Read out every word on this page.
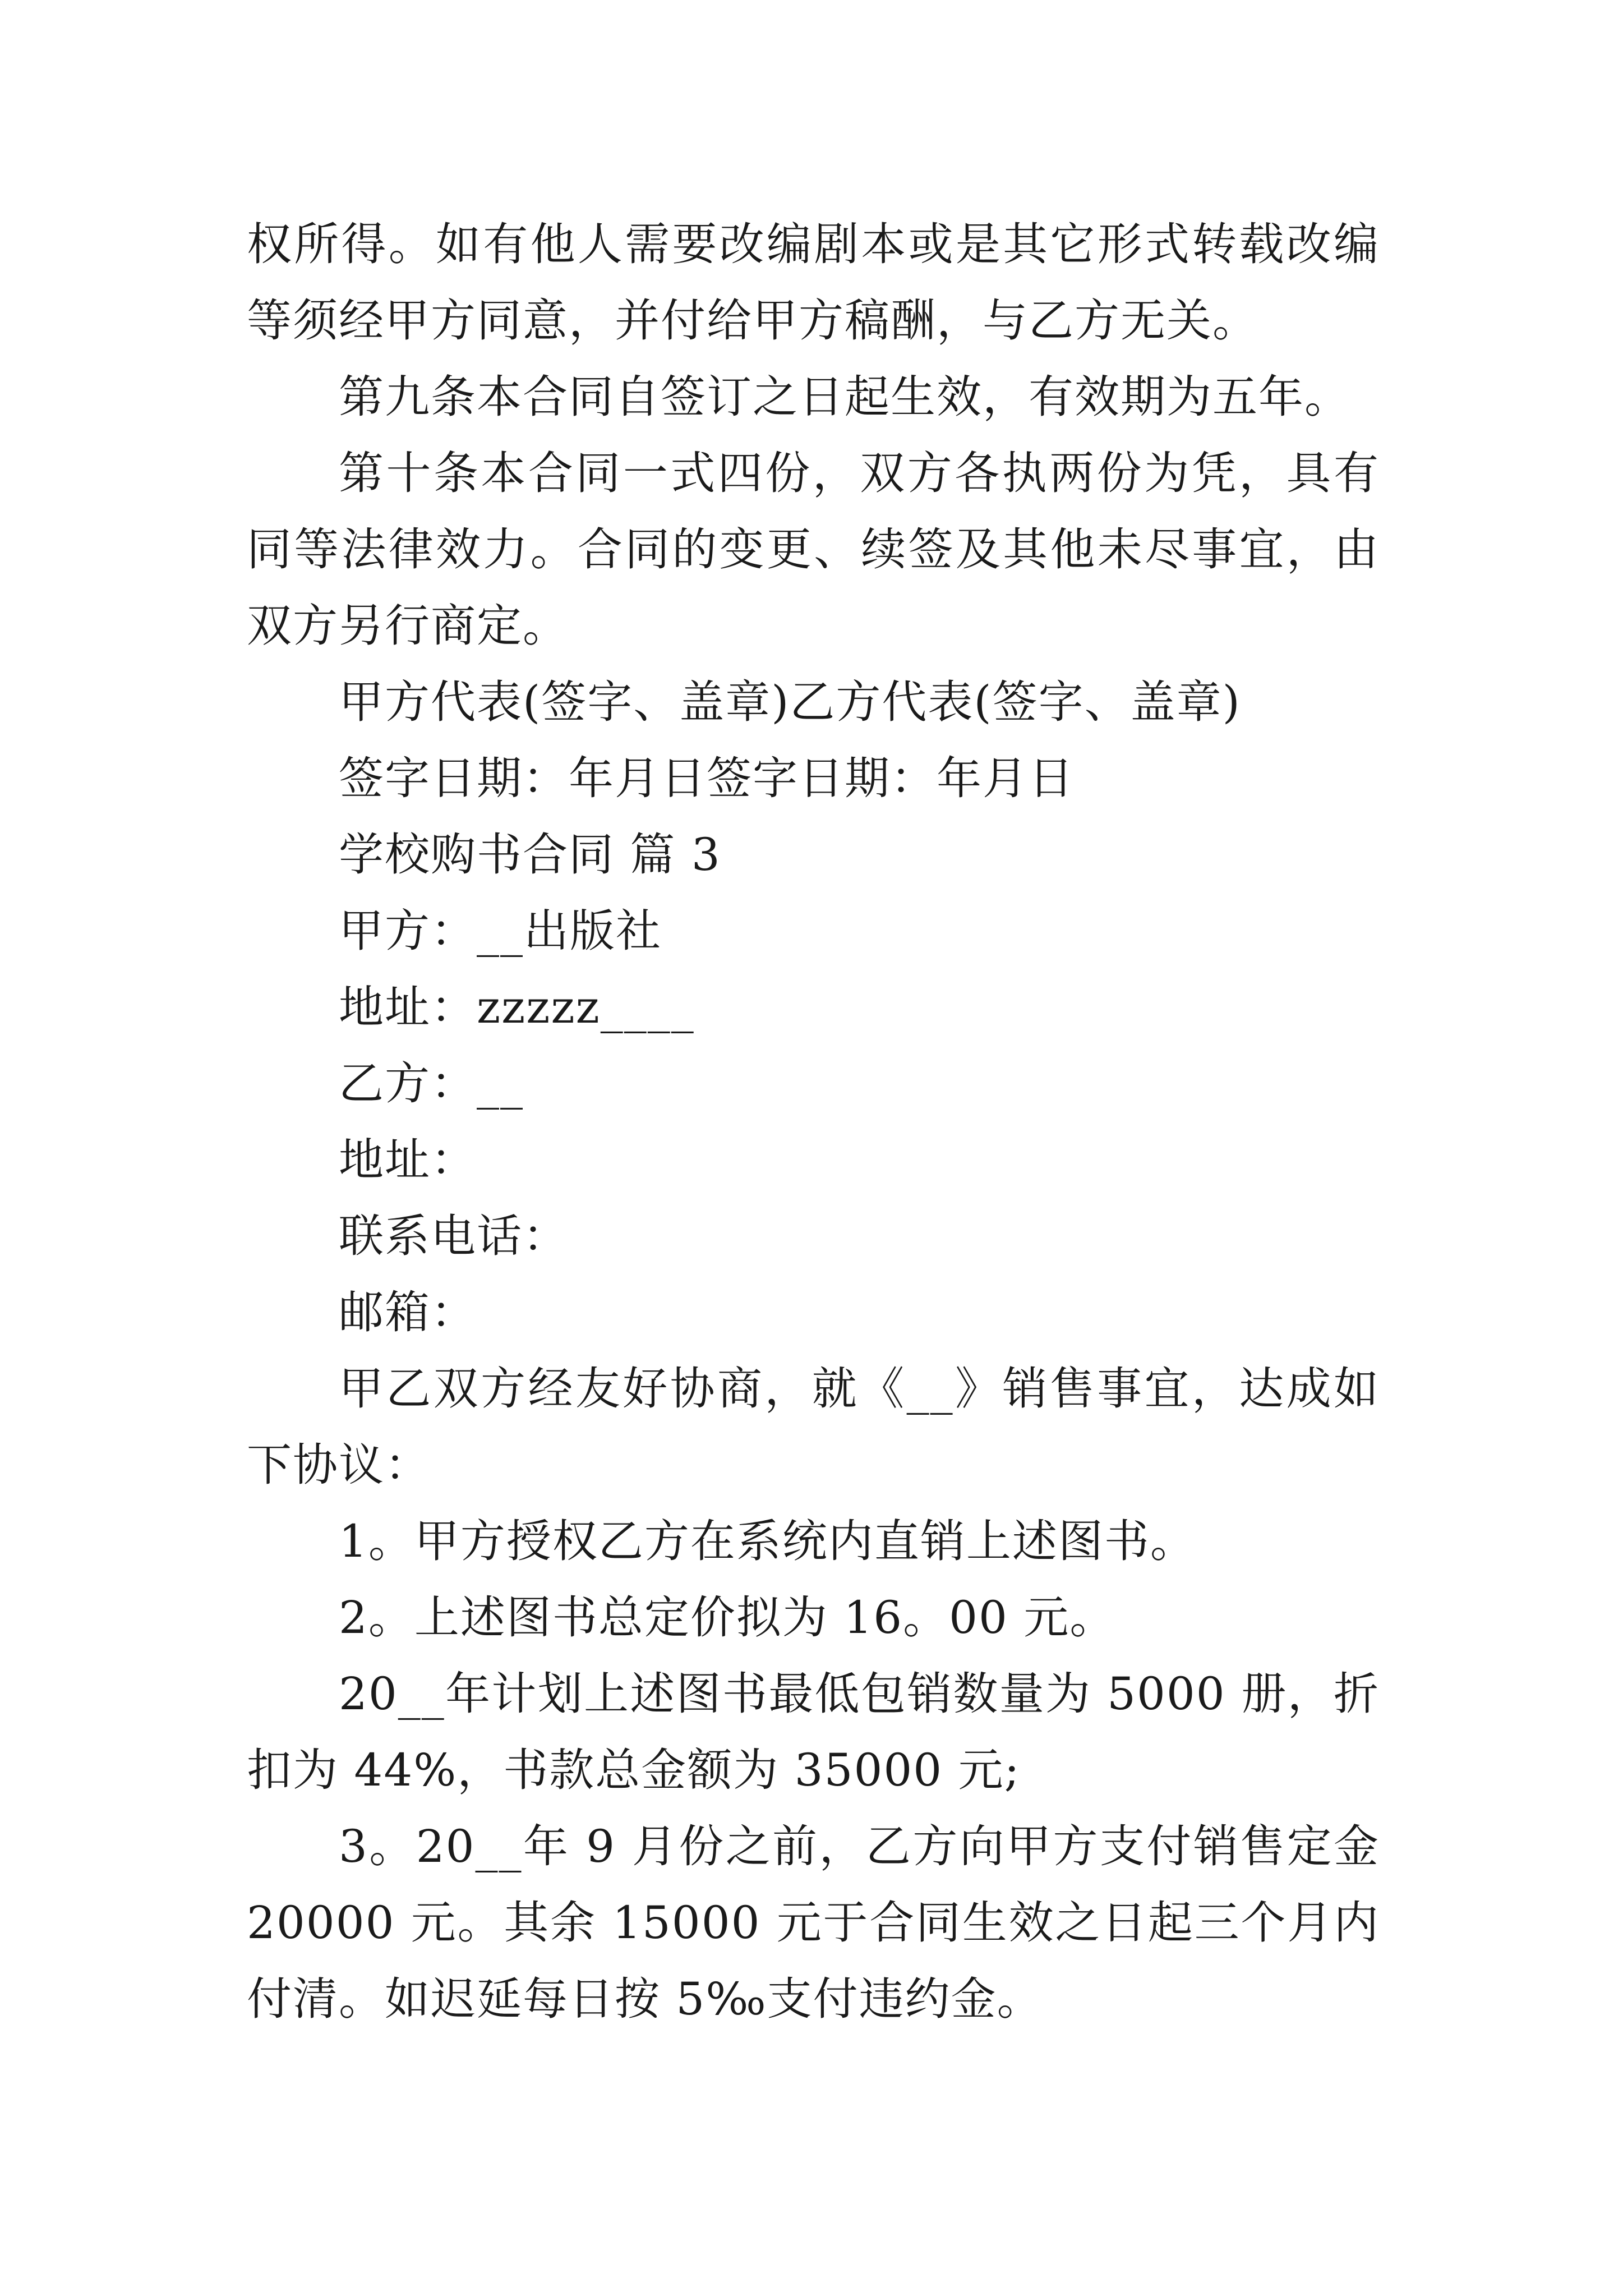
权所得。如有他人需要改编剧本或是其它形式转载改编等须经甲方同意，并付给甲方稿酬，与乙方无关。

第九条本合同自签订之日起生效，有效期为五年。

第十条本合同一式四份，双方各执两份为凭，具有同等法律效力。合同的变更、续签及其他未尽事宜，由双方另行商定。

甲方代表(签字、盖章)乙方代表(签字、盖章)

签字日期：年月日签字日期：年月日

学校购书合同 篇 3

甲方：__出版社

地址：zzzzz____

乙方：__

地址：

联系电话：

邮箱：

甲乙双方经友好协商，就《__》销售事宜，达成如下协议：

1。甲方授权乙方在系统内直销上述图书。

2。上述图书总定价拟为 16。00 元。

20__年计划上述图书最低包销数量为 5000 册，折扣为 44%，书款总金额为 35000 元;

3。20__年 9 月份之前，乙方向甲方支付销售定金 20000 元。其余 15000 元于合同生效之日起三个月内付清。如迟延每日按 5‰支付违约金。
